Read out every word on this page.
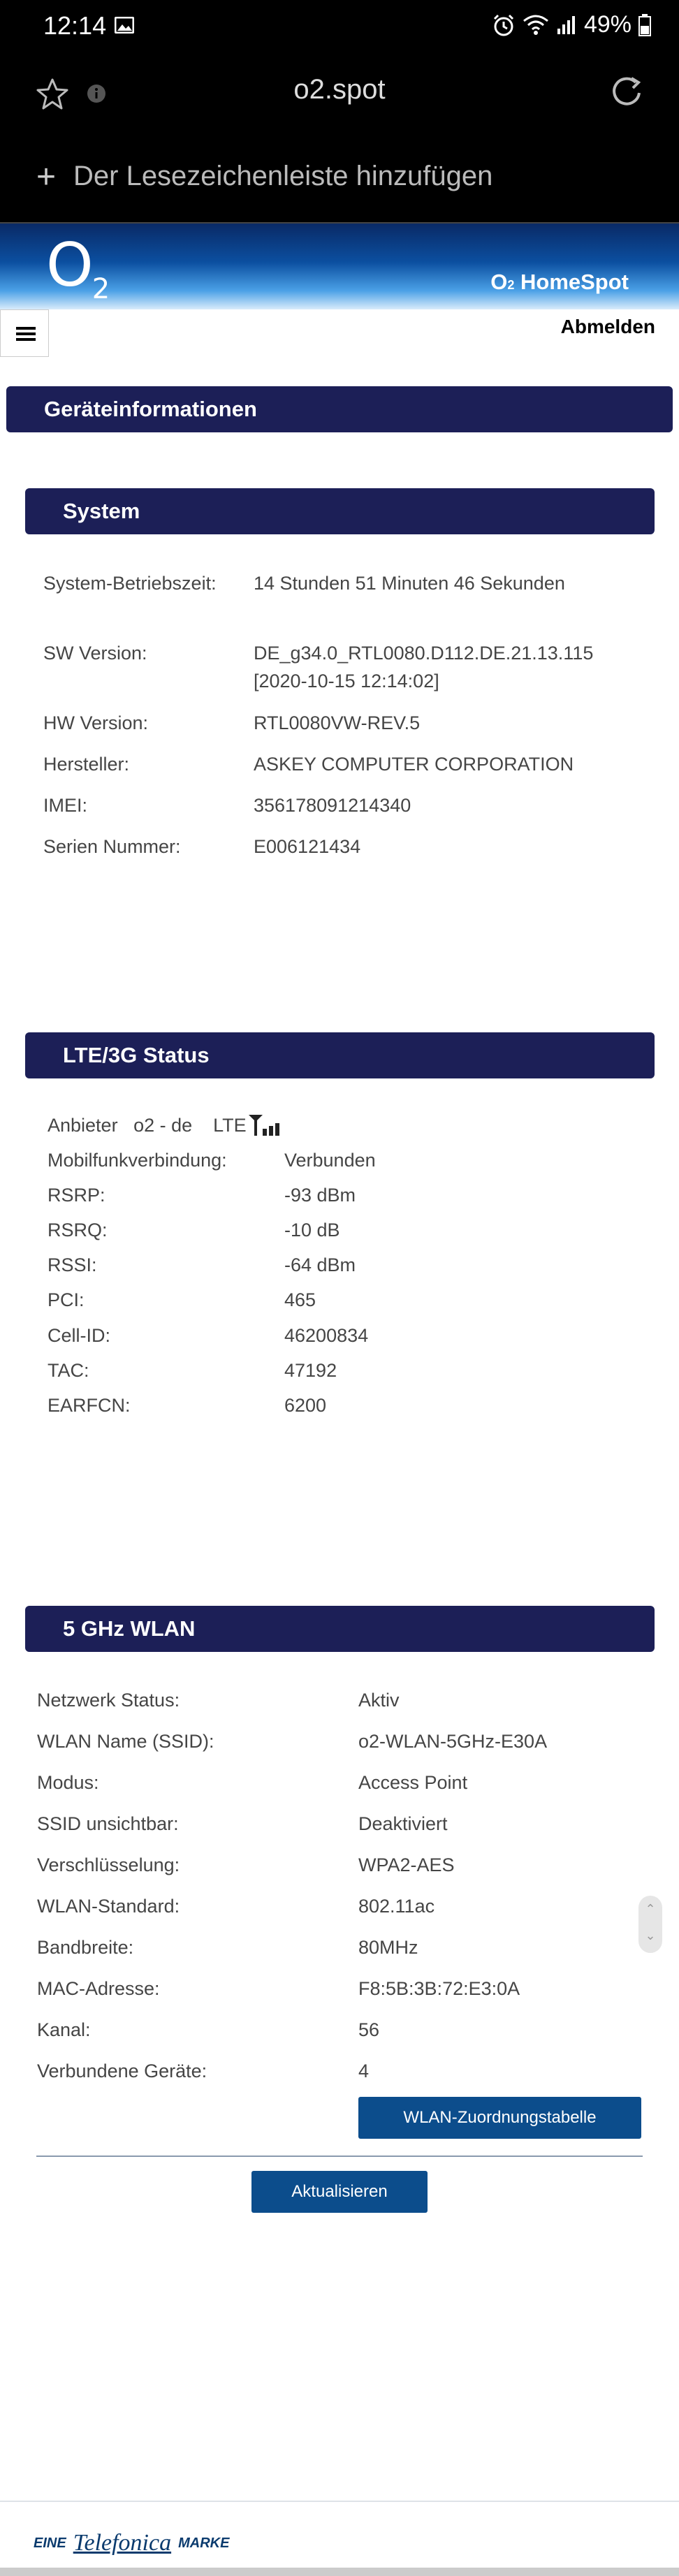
12:14	49%
o2.spot
+ Der Lesezeichenleiste hinzufügen
$O_2$	O2 HomeSpot
Abmelden
Geräteinformationen
System
System-Betriebszeit:	14 Stunden 51 Minuten 46 Sekunden
SW Version:	DE_g34.0_RTL0080.D112.DE.21.13.115 [2020-10-15 12:14:02]
HW Version:	RTL0080VW-REV.5
Hersteller:	ASKEY COMPUTER CORPORATION
IMEI:	356178091214340
Serien Nummer:	E006121434
LTE/3G Status
Anbieter o2 - de LTE
Mobilfunkverbindung:	Verbunden
RSRP:	-93 dBm
RSRQ:	-10 dB
RSSI:	-64 dBm
PCI:	465
Cell-ID:	46200834
TAC:	47192
EARFCN:	6200
5 GHz WLAN
Netzwerk Status:	Aktiv
WLAN Name (SSID):	o2-WLAN-5GHz-E30A
Modus:	Access Point
SSID unsichtbar:	Deaktiviert
Verschlüsselung:	WPA2-AES
WLAN-Standard:	802.11ac
Bandbreite:	80MHz
MAC-Adresse:	F8:5B:3B:72:E3:0A
Kanal:	56
Verbundene Geräte:	4
WLAN-Zuordnungstabelle
Aktualisieren
⌃
⌄
EINE Telefonica MARKE
